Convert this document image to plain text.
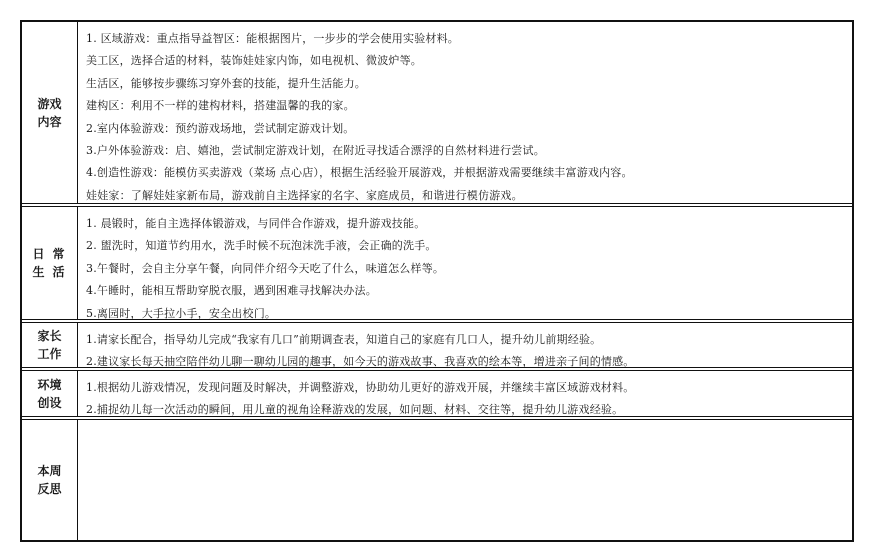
游戏
内容
1. 区域游戏：重点指导益智区：能根据图片，一步步的学会使用实验材料。
美工区，选择合适的材料，装饰娃娃家内饰，如电视机、微波炉等。
生活区，能够按步骤练习穿外套的技能，提升生活能力。
建构区：利用不一样的建构材料，搭建温馨的我的家。
2.室内体验游戏：预约游戏场地，尝试制定游戏计划。
3.户外体验游戏：启、嬉池，尝试制定游戏计划，在附近寻找适合漂浮的自然材料进行尝试。
4.创造性游戏：能模仿买卖游戏（菜场 点心店），根据生活经验开展游戏，并根据游戏需要继续丰富游戏内容。
娃娃家：了解娃娃家新布局，游戏前自主选择家的名字、家庭成员，和谐进行模仿游戏。
日常
生活
1. 晨锻时，能自主选择体锻游戏，与同伴合作游戏，提升游戏技能。
2. 盥洗时，知道节约用水，洗手时候不玩泡沫洗手液，会正确的洗手。
3.午餐时，会自主分享午餐，向同伴介绍今天吃了什么，味道怎么样等。
4.午睡时，能相互帮助穿脱衣服，遇到困难寻找解决办法。
5.离园时，大手拉小手，安全出校门。
家长
工作
1.请家长配合，指导幼儿完成“我家有几口”前期调查表，知道自己的家庭有几口人，提升幼儿前期经验。
2.建议家长每天抽空陪伴幼儿聊一聊幼儿园的趣事，如今天的游戏故事、我喜欢的绘本等，增进亲子间的情感。
环境
创设
1.根据幼儿游戏情况，发现问题及时解决，并调整游戏，协助幼儿更好的游戏开展，并继续丰富区域游戏材料。
2.捕捉幼儿每一次活动的瞬间，用儿童的视角诠释游戏的发展，如问题、材料、交往等，提升幼儿游戏经验。
本周
反思
